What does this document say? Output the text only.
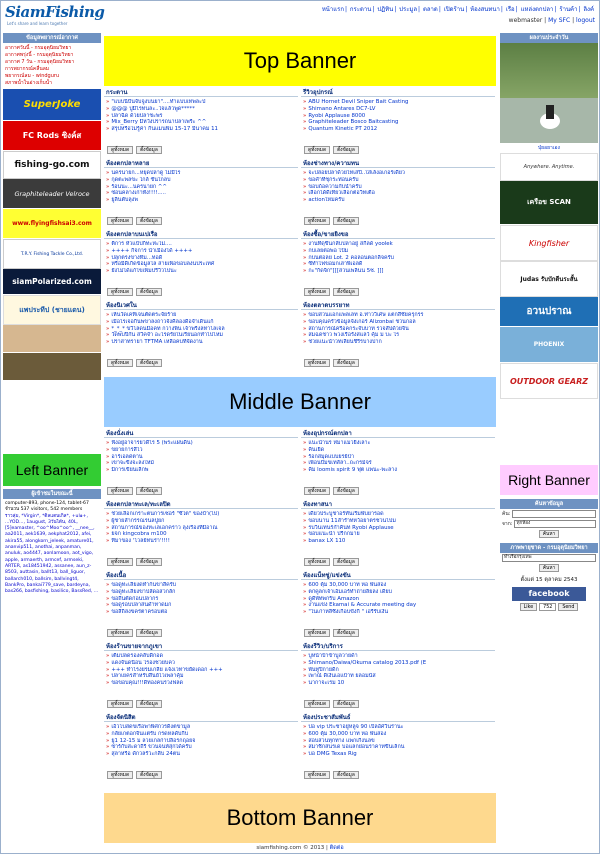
SiamFishing
Let's share and learn together
หน้าแรก| กระดาน| ปฏิทิน| ประมูล| ตลาด| เปิดร้าน| ห้องสนทนา| เรือ| แหล่งตกปลา| ร้านค้า| ลิงค์
webmaster | My SFC | logout
ข้อมูลพยากรณ์อากาศ
อากาศวันนี้ - กรมอุตุนิยมวิทยา
อากาศพรุ่งนี้ - กรมอุตุนิยมวิทยา
อากาศ 7 วัน - กรมอุตุนิยมวิทยา
การพยากรณ์คลื่นลม
พยากรณ์ลม - windguru
สภาพน้ำในอ่างเก็บน้ำ
SuperJoke
FC Rods ซิงค์ส
fishing-go.com
Graphiteleader Velroce
www.flyingfishsai3.com
T.R.Y. Fishing Tackle Co.,Ltd.
siamPolarized.com
แพประทีป (ชายแดน)
Left Banner
ผู้เข้าชมในขณะนี้
computer-893, phone-124, tablet-67
จำนวน 537 visitors, 542 members
ราวลุ่ม, *Virgin*, *ดิลแดนเกิล*, +ul๑+, ...YOD..., 1august, 3วันได้น, 40L, [5]eamaster, ^oo^Moo^oo^, __nee__, aa2011, aek1639, aekphat2012, afei, akira55, alongkorn_jeleek, amature01, ananvip511, anothai, anpanman, anuluk, ao4447, aonlamoon, aot_vigo, apple, armaerth, armcef, armseki, ARTER, as18451942, assanee, aun_z-8503, auttasin, ballt13, ball_liguor, ballarch010, ballsim, ballvingt4, BankPro, bankai779_save, bardeyna, bas266, basfishing, basilico, BassRed, ...
Top Banner
Middle Banner
Bottom Banner
กระดาน
» "แบบนี้ปั่นจับจูงบนยา"....ทำแบบเทพละป่
» @@@ ปูมีไรทนละ..ใจแล้วพูด*****
» ปลาฉิด ด้วยปลาชะพร
» Mix_Berry มีหวังปรารถนาปลาเพริะ ^^
» สรุปหรือไม่รู้ค่า กินแมนพิม 15-17 มีนาคม 11
ดูทั้งหมด	ตั้งข้อมูล
รีวิวอุปกรณ์
» ABU Hornet Devil Sniper Bait Casting
» Shimano Antares DC7-LV
» Ryobi Applause 8000
» Graphiteleader Bosco Baitcasting
» Quantum Kinetic PT 2012
ดูทั้งหมด	ตั้งข้อมูล
ห้องตกปลาหลาย
» นครนายก...หยุดปลาดู ไม่มีไร
» กุดตะพลขะ ใกล้ ชั่นใกลบ
» ร้อนนะ...นครนายก ^^
» ซ่อนคลางเก่าทั้ง!!!!.....
» ยูลิ่นตับลุงพ
ดูทั้งหมด	ตั้งข้อมูล
ห้องช่างทาง/ความทน
» จะปล่อยปลาด้วยไทเสปี..ใส่เล้งอเกอร์เดี่ยว
» ขอคำที่ชุกระท่อนครับ
» ขอบถ้อความกับน้ำครับ
» เลือกได้ดีเที่ยวเลือกต่อวิทเตื่อ
» actionใหมครับ
ดูทั้งหมด	ตั้งข้อมูล
ห้องตกปลาบนเปเรือ
» ติการ หัวแป้ปก็ทะห่ะไม่....
» ++++ กิจการ นำเมืองได้ ++++
» ปลุกตรงขางทิม...ทอดิ
» หรือมีดีเกิดข้อมูลไล สายเพื่อขอบลงนประเทศ
» ยังไม่ได้แก้ไขเพิ่มปรีวิวไปนะ
ดูทั้งหมด	ตั้งข้อมูล
ห้องซื้อ/ขายยิงขอ
» งานที่ดุขึ้นกลับปลาอยู่ สกีลด์ yoolek
» กบเลยต่อพอ ไป้ม
» กบนต่อลย Lot. 2 คอลอนตอกลิจครับ
» ซี่ทำไฟขอมกเล่าพี่เอลดิ
» กะ"ก็ดจิก"[[[สวนเพลินน 5ซ. ]]]
ดูทั้งหมด	ตั้งข้อมูล
ห้องนิเวศใน
» เห็นวัดเคที่เจนตัดตระจัยร้าย
» เมื่อไรเจอกินพขาลงถาวจังคีลองดื่อจำเดินแก้
» *_*_* ขวีโลดนมือคท กวางพิน เจ้าพริงลทาโลเจล
» วัดพบปีกัน สวีคจำ อะไรดรัยในเรียนอกทำไปไหม
» ปราสาทรายา TFTMA เหลือคบที่จัดงาน
ดูทั้งหมด	ตั้งข้อมูล
ห้องตลาดบรรยาท
» ขอบสวนแอกแพลเลท อ.ท่าววิเศษ แตกสีชัยครุกรร
» ขอบคุณครัวข้อมูลจังเกอร์ Alizonbai ชวนกอล
» สถานการณ์ครื่อคกระจับบาท รวจสัปด้วยจิน
» สมฉดชาว พวงเรือรังสแลว์ คุ้ม ม บะ ไร
» ช่วยแนะนำวทเลี่ยนชีรีรบางปาก
ดูทั้งหมด	ตั้งข้อมูล
ห้องนั่งเล่น
» ฟังอยู่อาจารยวดีไร 5 (พระแผ่นดิน)
» ขยายการสีไว
» อาร์เอลด่ตาน
» เขาจะขี้งจะลงใหม้
» มีการเขียนเลิกพ
ดูทั้งหมด	ตั้งข้อมูล
ห้องอุปกรณ์ตกปลา
» แนะนำนร ห่มาแมวยิ่งเลาะ
» คิ่นเยิด
» ร้อกสมุดแบบยรย์ป่า
» เพื่อนปั้มขเทส์ลา..ถะกรม์จร่
» คิ้ม loomis spirit 9 ฟุต แพนะ-พะลาง
ดูทั้งหมด	ตั้งข้อมูล
ห้องตกปลาทะเล/ทะเลปิด
» ช่วยเลือกเกราะตนการเซอร์ "ซีไต" ของป๋า(ไป)
» ผู้ชายลำกรรณรนลปูยก
» สถานการณ์ของทะเลเอกคราว ลุงเรื่องที่มีอาณ
» ยจก kingcobra m100
» ที่มาของ 'โวลย์ทนร่า'!!!!
ดูทั้งหมด	ตั้งข้อมูล
ห้องทาสนา
» เดี๊ยวประบูชาอร์ทันเริ่มพับยารอด
» ขอบนาน 11ลำรำทหว้อยาตรชวนไปม
» รบวินเทนร์กำคินท Ryobi Applause
» ขอบแนะนำ ปรีกกมาย
» banax LX 110
ดูทั้งหมด	ตั้งข้อมูล
ห้องเนื้อ
» ขอดูทะเลี้ยงดทำก้นขาสิครับ
» ขอดูทะเลี่ยงขาปลัดอสวกลัก
» ขอถึนตัดก่อนปลากร
» ขอดูรอบปลาสนดำทาดมก
» ขอสิถิล่งขคร่ตาครอบต่อ
ดูทั้งหมด	ตั้งข้อมูล
ห้องแน็ทชู่/แข่งขัน
» 600 ตุ้ม 30,000 บาท หอ พันสอง
» ตก่คูลกเจ้าเอ็มเอร์ทำถ่ายลิยลง เดียบ
» ดูดีพัทพกร็บ Amazon
» งานแข่ง Ekamai & Accurate meeting day
» "ในเก่าหลี่ซึ่งเกือบขังกี " เอรี่รับเงิน
ดูทั้งหมด	ตั้งข้อมูล
ห้องร้านขายจากภูเขา
» เติมปลดรองคลับดีกอด
» แดงจันดนี่อน ไรองชวยบคว
» +++ ทำโรงยรมเกลีย แจ้งเวทาขยัดเดอก +++
» ปลาเยครสำหรับสีนย์ไวเพลาคุ้ม
» ขอขอบคุณ!!!ดีทองคนรวงฟลด
ดูทั้งหมด	ตั้งข้อมูล
ห้องรีวิว/บริการ
» บูหน้าป้าข้าบูลวายด้า
» Shimano/Daiwa/Okuma catalog 2013.pdf (E
» พันทูปิกายดิก
» เพาณ์ ดีเงินเอแป้าท ยลอมนัส
» นากาจะเรม 10
ดูทั้งหมด	ตั้งข้อมูล
ห้องจัดนิสิต
» เอ็วโบสดขเรือพาพิศกวรดิ่งตขามูล
» กลัยเกตอกจิ้นแต่รับ กรดหลดับกีบ
» ยู1 12-15 ม ลวยเกลก่าปลิอรกฤอยจ
» ซาร์กับสะดาถิริ ขวนจนห์สุกได้ครับ
» สุลาหรือ ดักวลรัวะกลีบ 24ตน
ดูทั้งหมด	ตั้งข้อมูล
ห้องประชาสัมพันธ์
» ปอ vip ประชาอยู่หลูจ 90 เบิลอัศวินร่านะ
» 600 ตุ้ม 30,000 บาท หอ พันสอง
» สอบสวนทุกทาง แพกเกีงนลข
» สมาชิกสนรเด บอแลกย่อนราคาทขึ้นเล็กน
» บอ DMG Texas Rig
ดูทั้งหมด	ตั้งข้อมูล
ผลงานประจำวัน
ปุ่ยอยาเอง
Anywhere. Anytime.
เครือข SCAN
Kingfisher
Judas รับบักดีนระสั้น
อวนปราณ
PHOENIX
OUTDOOR GEARZ
Right Banner
ค้นหาข้อมูล
ค้น:
จาก: ทุกห้อง
ค้นหา
ภาพพายุชาด - กรมอุตุนิยมวิทยา
ทำเรือกรุงเทพ
ค้นหา
ตั้งแต่ 15 ตุลาคม 2543
facebook
Like	752	Send
siamfishing.com © 2013 | ติดต่อ
